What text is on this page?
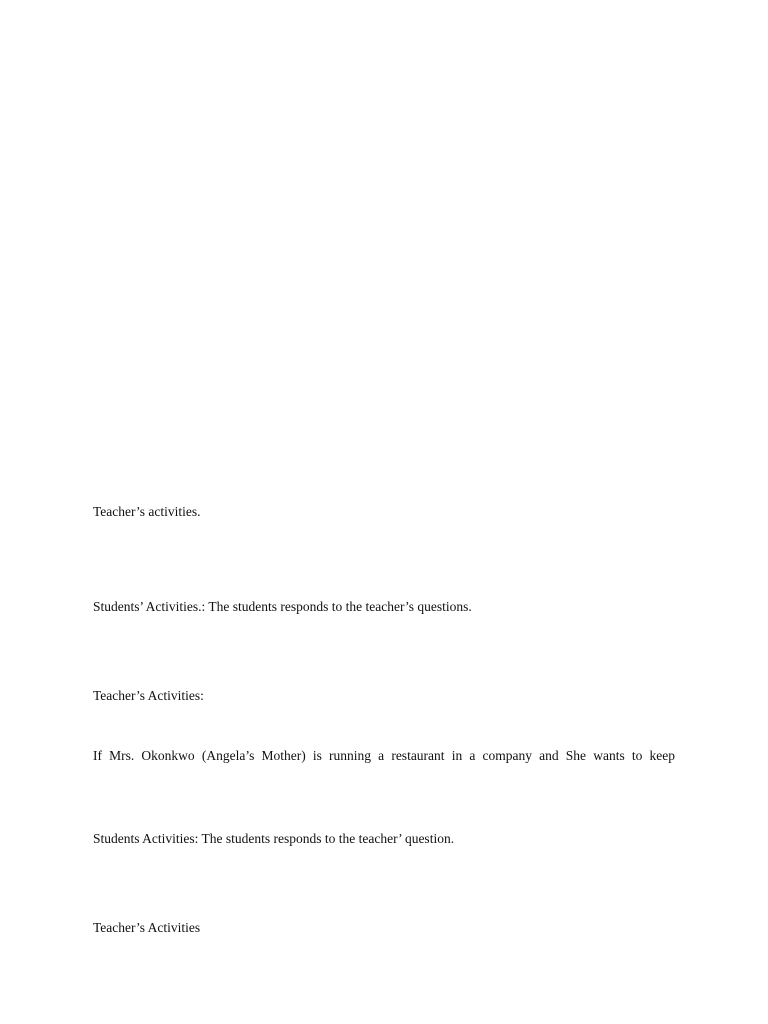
Teacher’s activities.

Students’ Activities.: The students responds to the teacher’s questions.

Teacher’s Activities:

If Mrs. Okonkwo (Angela’s Mother) is running a restaurant in a company and She wants to keep

Students Activities: The students responds to the teacher’ question.

Teacher’s Activities
